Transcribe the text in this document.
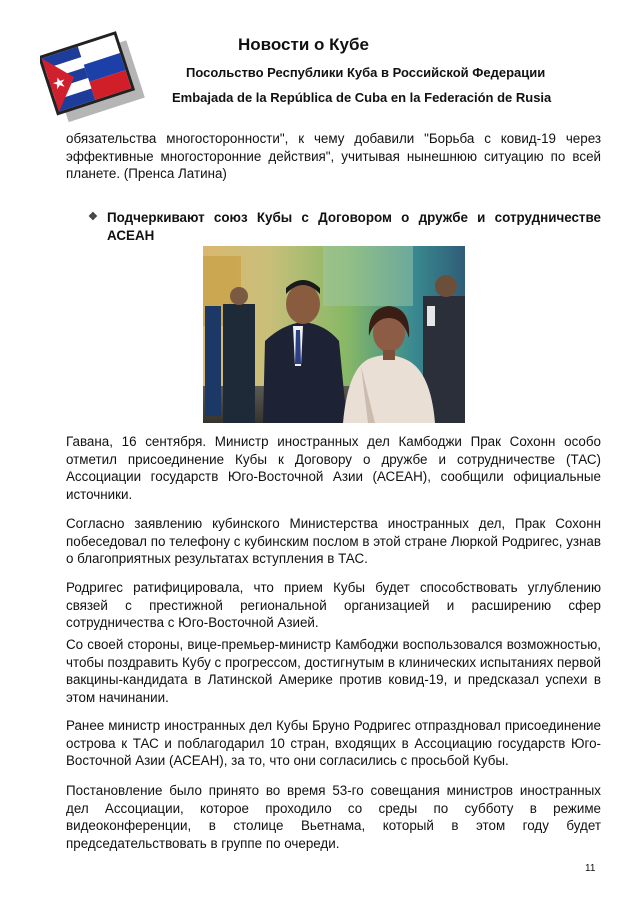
Новости о Кубе
Посольство Республики Куба в Российской Федерации
Embajada de la República de Cuba en la Federación de Rusia
обязательства многосторонности", к чему добавили "Борьба с ковид-19 через эффективные многосторонние действия", учитывая нынешнюю ситуацию по всей планете. (Пренса Латина)
❖ Подчеркивают союз Кубы с Договором о дружбе и сотрудничестве АСЕАН
Гавана, 16 сентября. Министр иностранных дел Камбоджи Прак Сохонн особо отметил присоединение Кубы к Договору о дружбе и сотрудничестве (ТАС) Ассоциации государств Юго-Восточной Азии (АСЕАН), сообщили официальные источники.
Согласно заявлению кубинского Министерства иностранных дел, Прак Сохонн побеседовал по телефону с кубинским послом в этой стране Люркой Родригес, узнав о благоприятных результатах вступления в ТАС.
Родригес ратифицировала, что прием Кубы будет способствовать углублению связей с престижной региональной организацией и расширению сфер сотрудничества с Юго-Восточной Азией.
Со своей стороны, вице-премьер-министр Камбоджи воспользовался возможностью, чтобы поздравить Кубу с прогрессом, достигнутым в клинических испытаниях первой вакцины-кандидата в Латинской Америке против ковид-19, и предсказал успехи в этом начинании.
Ранее министр иностранных дел Кубы Бруно Родригес отпраздновал присоединение острова к ТАС и поблагодарил 10 стран, входящих в Ассоциацию государств Юго-Восточной Азии (АСЕАН), за то, что они согласились с просьбой Кубы.
Постановление было принято во время 53-го совещания министров иностранных дел Ассоциации, которое проходило со среды по субботу в режиме видеоконференции, в столице Вьетнама, который в этом году будет председательствовать в группе по очереди.
11
